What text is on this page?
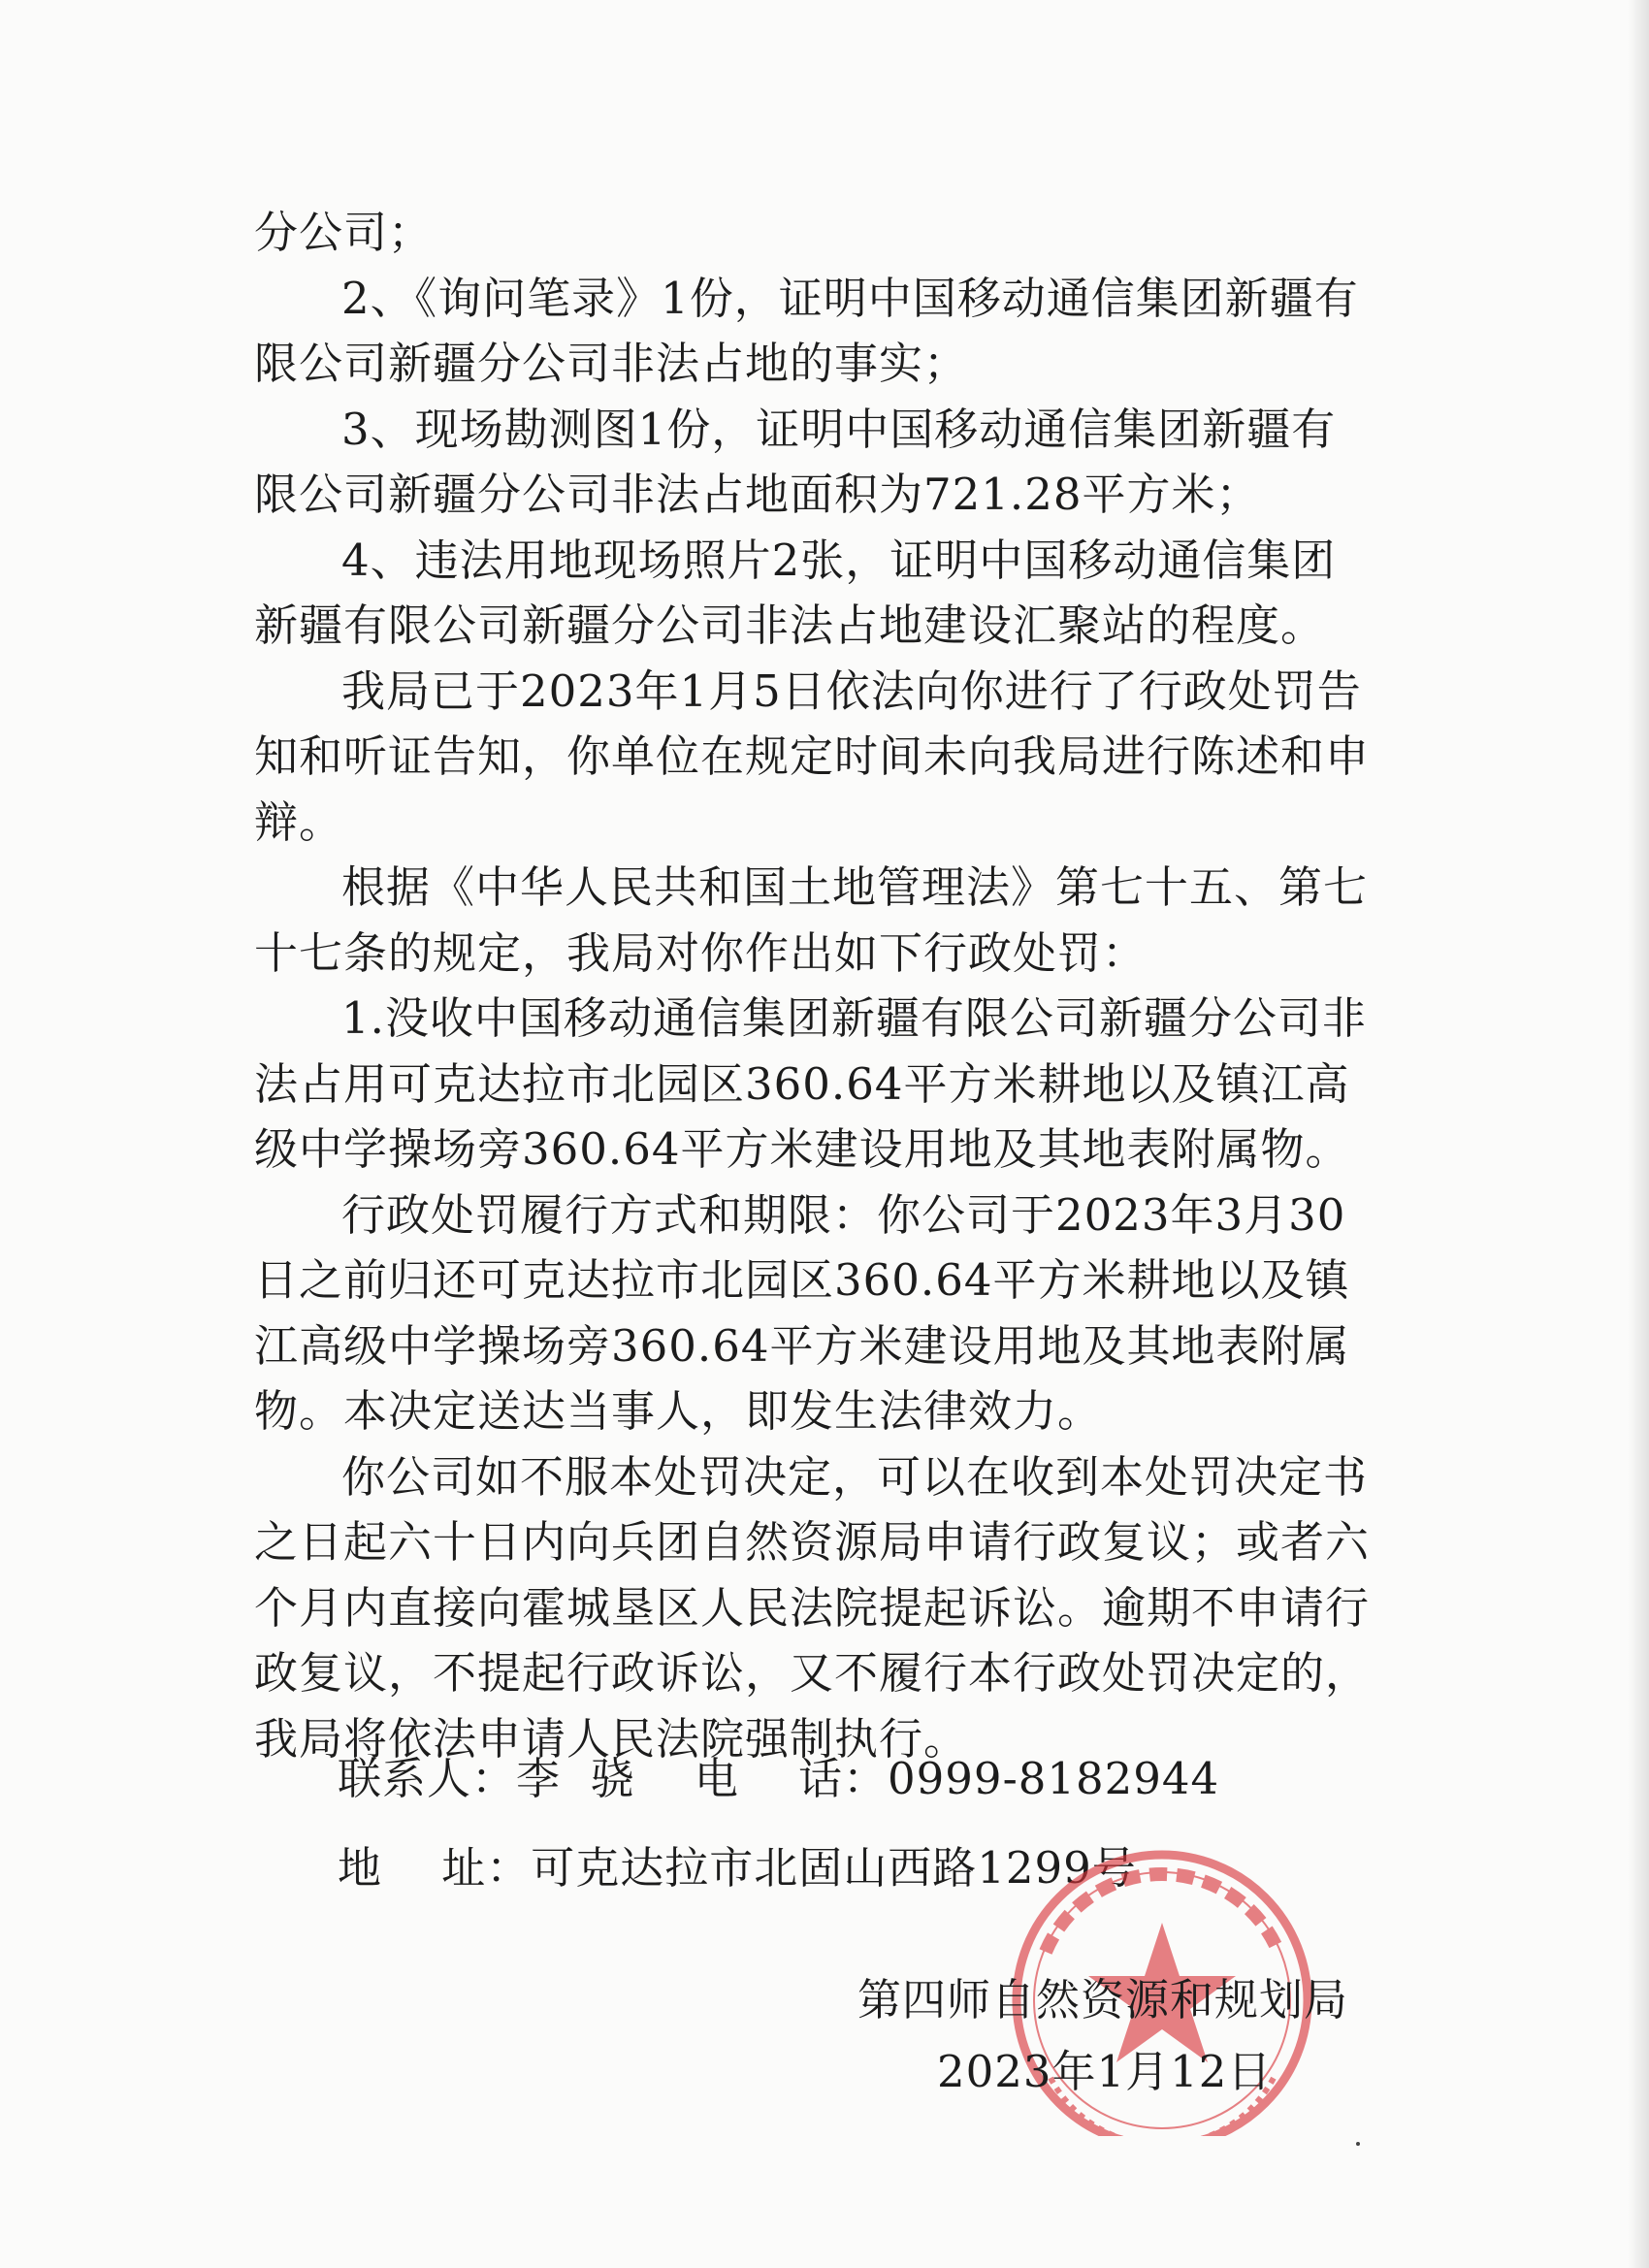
分公司；

2、《询问笔录》1份，证明中国移动通信集团新疆有限公司新疆分公司非法占地的事实；

3、现场勘测图1份，证明中国移动通信集团新疆有限公司新疆分公司非法占地面积为721.28平方米；

4、违法用地现场照片2张，证明中国移动通信集团新疆有限公司新疆分公司非法占地建设汇聚站的程度。

我局已于2023年1月5日依法向你进行了行政处罚告知和听证告知，你单位在规定时间未向我局进行陈述和申辩。

根据《中华人民共和国土地管理法》第七十五、第七十七条的规定，我局对你作出如下行政处罚：

1.没收中国移动通信集团新疆有限公司新疆分公司非法占用可克达拉市北园区360.64平方米耕地以及镇江高级中学操场旁360.64平方米建设用地及其地表附属物。

行政处罚履行方式和期限：你公司于2023年3月30日之前归还可克达拉市北园区360.64平方米耕地以及镇江高级中学操场旁360.64平方米建设用地及其地表附属物。本决定送达当事人，即发生法律效力。

你公司如不服本处罚决定，可以在收到本处罚决定书之日起六十日内向兵团自然资源局申请行政复议；或者六个月内直接向霍城垦区人民法院提起诉讼。逾期不申请行政复议，不提起行政诉讼，又不履行本行政处罚决定的，我局将依法申请人民法院强制执行。

联系人：李  骁    电    话：0999-8182944
地    址：可克达拉市北固山西路1299号
第四师自然资源和规划局
2023年1月12日
